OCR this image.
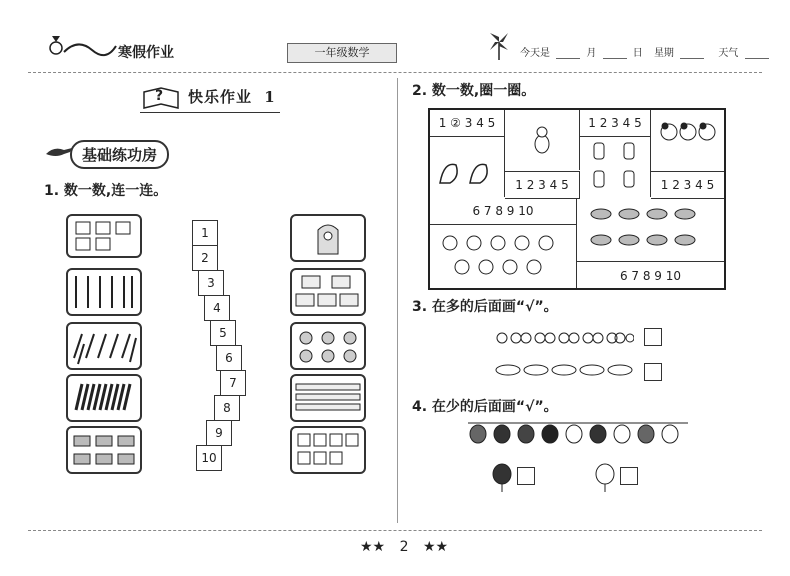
寒假作业	一年级数学	今天是	月	日 星期	天气
? 快乐作业 1
基础练功房
1. 数一数,连一连。
1
2
3
4
5
6
7
8
9
10
2. 数一数,圈一圈。
1 ② 3 4 5
1 2 3 4 5
1 2 3 4 5
1 2 3 4 5
6 7 8 9 10
6 7 8 9 10
3. 在多的后面画“√”。
4. 在少的后面画“√”。
★★ 2 ★★
